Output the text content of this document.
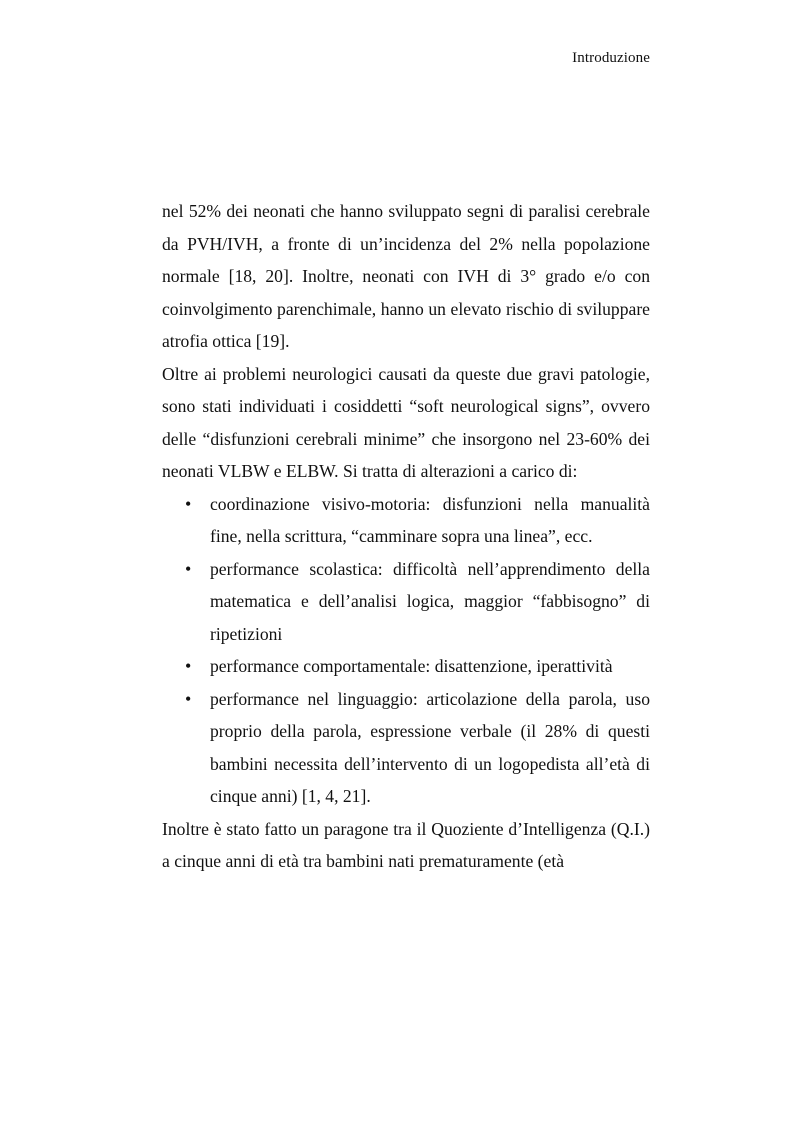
Introduzione

nel 52% dei neonati che hanno sviluppato segni di paralisi cerebrale da PVH/IVH, a fronte di un’incidenza del 2% nella popolazione normale [18, 20]. Inoltre, neonati con IVH di 3° grado e/o con coinvolgimento parenchimale, hanno un elevato rischio di sviluppare atrofia ottica [19].

Oltre ai problemi neurologici causati da queste due gravi patologie, sono stati individuati i cosiddetti “soft neurological signs”, ovvero delle “disfunzioni cerebrali minime” che insorgono nel 23-60% dei neonati VLBW e ELBW. Si tratta di alterazioni a carico di:

• coordinazione visivo-motoria: disfunzioni nella manualità fine, nella scrittura, “camminare sopra una linea”, ecc.
• performance scolastica: difficoltà nell’apprendimento della matematica e dell’analisi logica, maggior “fabbisogno” di ripetizioni
• performance comportamentale: disattenzione, iperattività
• performance nel linguaggio: articolazione della parola, uso proprio della parola, espressione verbale (il 28% di questi bambini necessita dell’intervento di un logopedista all’età di cinque anni) [1, 4, 21].

Inoltre è stato fatto un paragone tra il Quoziente d’Intelligenza (Q.I.) a cinque anni di età tra bambini nati prematuramente (età
